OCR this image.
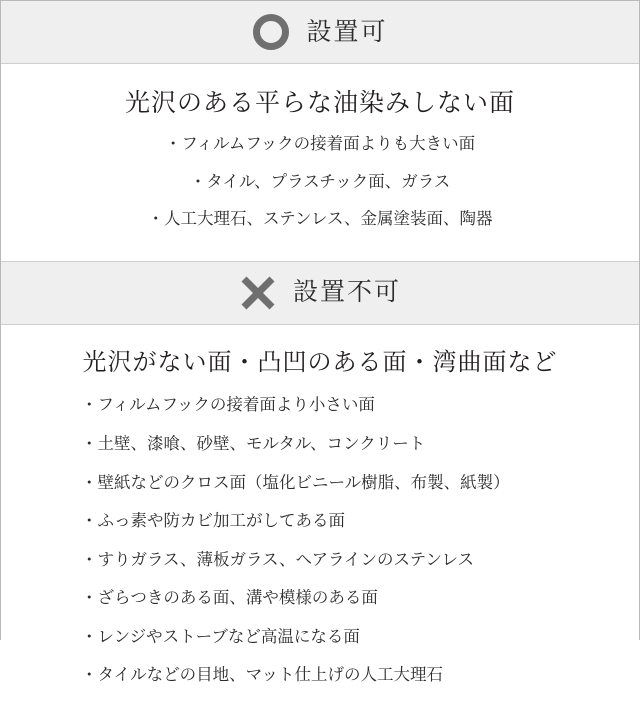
設置可
光沢のある平らな油染みしない面
・フィルムフックの接着面よりも大きい面
・タイル、プラスチック面、ガラス
・人工大理石、ステンレス、金属塗装面、陶器
設置不可
光沢がない面・凸凹のある面・湾曲面など
・フィルムフックの接着面より小さい面
・土壁、漆喰、砂壁、モルタル、コンクリート
・壁紙などのクロス面（塩化ビニール樹脂、布製、紙製）
・ふっ素や防カビ加工がしてある面
・すりガラス、薄板ガラス、ヘアラインのステンレス
・ざらつきのある面、溝や模様のある面
・レンジやストーブなど高温になる面
・タイルなどの目地、マット仕上げの人工大理石
